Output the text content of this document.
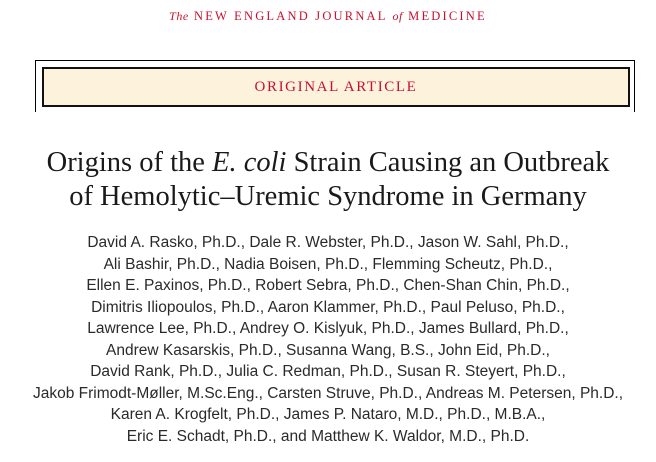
The NEW ENGLAND JOURNAL of MEDICINE
ORIGINAL ARTICLE
Origins of the E. coli Strain Causing an Outbreak
of Hemolytic–Uremic Syndrome in Germany
David A. Rasko, Ph.D., Dale R. Webster, Ph.D., Jason W. Sahl, Ph.D.,
Ali Bashir, Ph.D., Nadia Boisen, Ph.D., Flemming Scheutz, Ph.D.,
Ellen E. Paxinos, Ph.D., Robert Sebra, Ph.D., Chen-Shan Chin, Ph.D.,
Dimitris Iliopoulos, Ph.D., Aaron Klammer, Ph.D., Paul Peluso, Ph.D.,
Lawrence Lee, Ph.D., Andrey O. Kislyuk, Ph.D., James Bullard, Ph.D.,
Andrew Kasarskis, Ph.D., Susanna Wang, B.S., John Eid, Ph.D.,
David Rank, Ph.D., Julia C. Redman, Ph.D., Susan R. Steyert, Ph.D.,
Jakob Frimodt-Møller, M.Sc.Eng., Carsten Struve, Ph.D., Andreas M. Petersen, Ph.D.,
Karen A. Krogfelt, Ph.D., James P. Nataro, M.D., Ph.D., M.B.A.,
Eric E. Schadt, Ph.D., and Matthew K. Waldor, M.D., Ph.D.
